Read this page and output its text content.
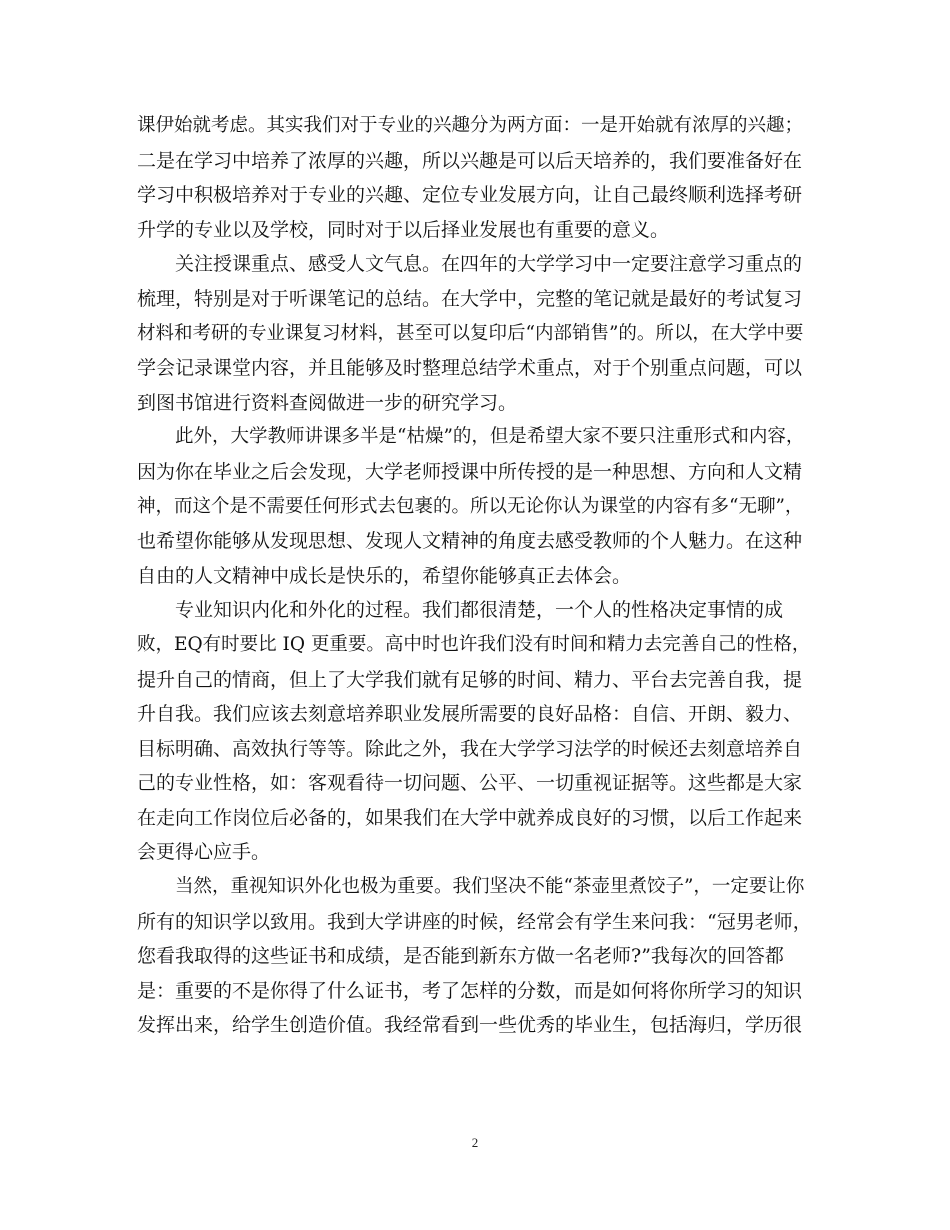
课伊始就考虑。其实我们对于专业的兴趣分为两方面：一是开始就有浓厚的兴趣；
二是在学习中培养了浓厚的兴趣，所以兴趣是可以后天培养的，我们要准备好在
学习中积极培养对于专业的兴趣、定位专业发展方向，让自己最终顺利选择考研
升学的专业以及学校，同时对于以后择业发展也有重要的意义。
关注授课重点、感受人文气息。在四年的大学学习中一定要注意学习重点的
梳理，特别是对于听课笔记的总结。在大学中，完整的笔记就是最好的考试复习
材料和考研的专业课复习材料，甚至可以复印后“内部销售”的。所以，在大学中要
学会记录课堂内容，并且能够及时整理总结学术重点，对于个别重点问题，可以
到图书馆进行资料查阅做进一步的研究学习。
此外，大学教师讲课多半是“枯燥”的，但是希望大家不要只注重形式和内容，
因为你在毕业之后会发现，大学老师授课中所传授的是一种思想、方向和人文精
神，而这个是不需要任何形式去包裹的。所以无论你认为课堂的内容有多“无聊”，
也希望你能够从发现思想、发现人文精神的角度去感受教师的个人魅力。在这种
自由的人文精神中成长是快乐的，希望你能够真正去体会。
专业知识内化和外化的过程。我们都很清楚，一个人的性格决定事情的成
败，EQ有时要比 IQ 更重要。高中时也许我们没有时间和精力去完善自己的性格，
提升自己的情商，但上了大学我们就有足够的时间、精力、平台去完善自我，提
升自我。我们应该去刻意培养职业发展所需要的良好品格：自信、开朗、毅力、
目标明确、高效执行等等。除此之外，我在大学学习法学的时候还去刻意培养自
己的专业性格，如：客观看待一切问题、公平、一切重视证据等。这些都是大家
在走向工作岗位后必备的，如果我们在大学中就养成良好的习惯，以后工作起来
会更得心应手。
当然，重视知识外化也极为重要。我们坚决不能“茶壶里煮饺子”，一定要让你
所有的知识学以致用。我到大学讲座的时候，经常会有学生来问我：“冠男老师，
您看我取得的这些证书和成绩，是否能到新东方做一名老师?”我每次的回答都
是：重要的不是你得了什么证书，考了怎样的分数，而是如何将你所学习的知识
发挥出来，给学生创造价值。我经常看到一些优秀的毕业生，包括海归，学历很
2
